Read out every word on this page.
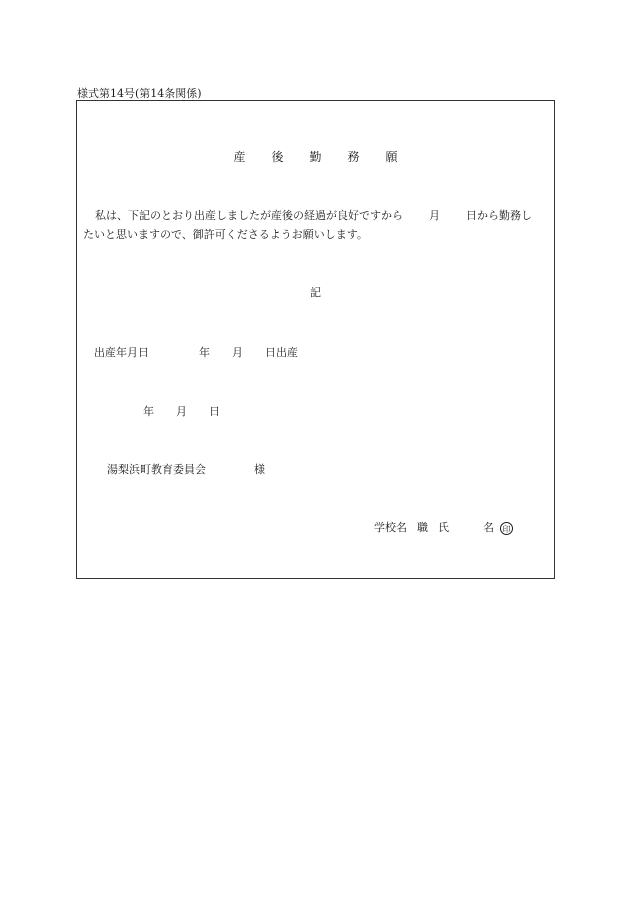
様式第14号(第14条関係)
産 後 勤 務 願
私は、下記のとおり出産しましたが産後の経過が良好ですから 月 日から勤務し
たいと思いますので、御許可くださるようお願いします。
記
出産年月日	年 月 日出産
年 月 日
湯梨浜町教育委員会	様
学校名 職 氏	名 印
